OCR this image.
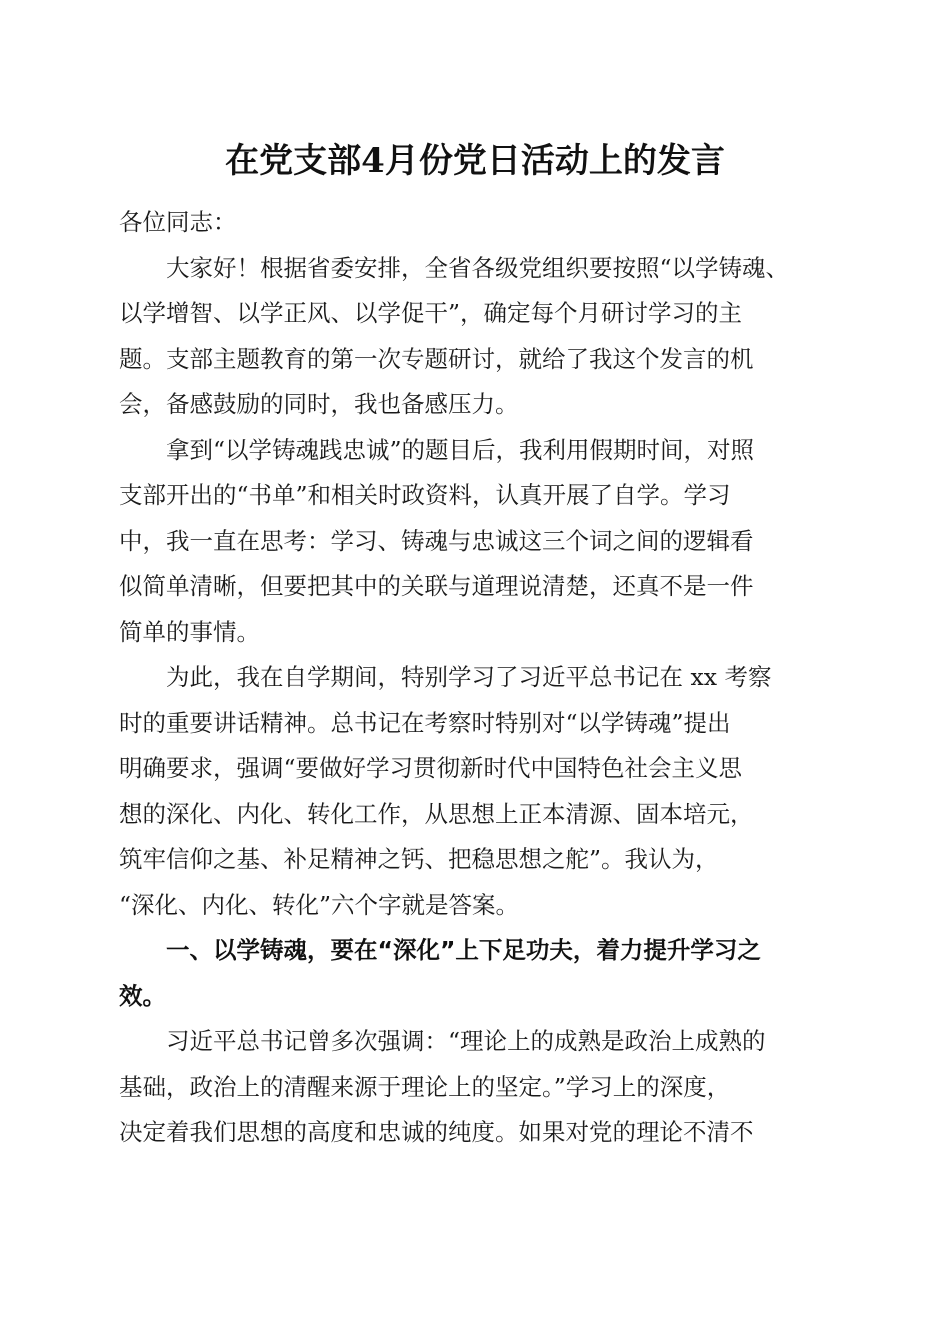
在党支部4月份党日活动上的发言
各位同志：
大家好！根据省委安排，全省各级党组织要按照“以学铸魂、
以学增智、以学正风、以学促干”，确定每个月研讨学习的主
题。支部主题教育的第一次专题研讨，就给了我这个发言的机
会，备感鼓励的同时，我也备感压力。
拿到“以学铸魂践忠诚”的题目后，我利用假期时间，对照
支部开出的“书单”和相关时政资料，认真开展了自学。学习
中，我一直在思考：学习、铸魂与忠诚这三个词之间的逻辑看
似简单清晰，但要把其中的关联与道理说清楚，还真不是一件
简单的事情。
为此，我在自学期间，特别学习了习近平总书记在 xx 考察
时的重要讲话精神。总书记在考察时特别对“以学铸魂”提出
明确要求，强调“要做好学习贯彻新时代中国特色社会主义思
想的深化、内化、转化工作，从思想上正本清源、固本培元，
筑牢信仰之基、补足精神之钙、把稳思想之舵”。我认为，
“深化、内化、转化”六个字就是答案。
一、以学铸魂，要在“深化”上下足功夫，着力提升学习之
效。
习近平总书记曾多次强调：“理论上的成熟是政治上成熟的
基础，政治上的清醒来源于理论上的坚定。”学习上的深度，
决定着我们思想的高度和忠诚的纯度。如果对党的理论不清不
